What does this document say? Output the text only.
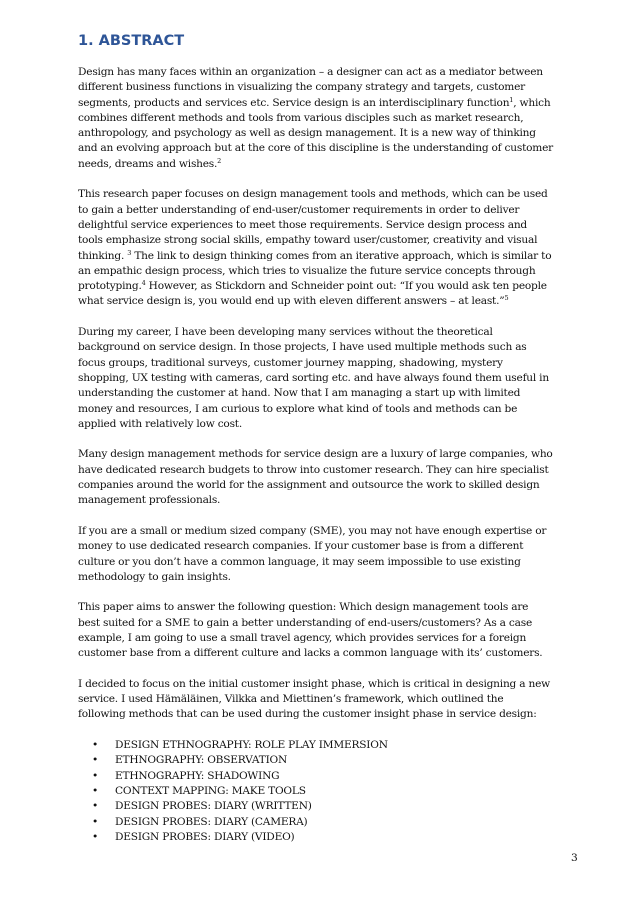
1. ABSTRACT

Design has many faces within an organization – a designer can act as a mediator between
different business functions in visualizing the company strategy and targets, customer
segments, products and services etc. Service design is an interdisciplinary function$^1$, which
combines different methods and tools from various disciples such as market research,
anthropology, and psychology as well as design management. It is a new way of thinking
and an evolving approach but at the core of this discipline is the understanding of customer
needs, dreams and wishes.$^2$

This research paper focuses on design management tools and methods, which can be used
to gain a better understanding of end-user/customer requirements in order to deliver
delightful service experiences to meet those requirements. Service design process and
tools emphasize strong social skills, empathy toward user/customer, creativity and visual
thinking. $^3$ The link to design thinking comes from an iterative approach, which is similar to
an empathic design process, which tries to visualize the future service concepts through
prototyping.$^4$ However, as Stickdorn and Schneider point out: “If you would ask ten people
what service design is, you would end up with eleven different answers – at least.”$^5$

During my career, I have been developing many services without the theoretical
background on service design. In those projects, I have used multiple methods such as
focus groups, traditional surveys, customer journey mapping, shadowing, mystery
shopping, UX testing with cameras, card sorting etc. and have always found them useful in
understanding the customer at hand. Now that I am managing a start up with limited
money and resources, I am curious to explore what kind of tools and methods can be
applied with relatively low cost.

Many design management methods for service design are a luxury of large companies, who
have dedicated research budgets to throw into customer research. They can hire specialist
companies around the world for the assignment and outsource the work to skilled design
management professionals.

If you are a small or medium sized company (SME), you may not have enough expertise or
money to use dedicated research companies. If your customer base is from a different
culture or you don’t have a common language, it may seem impossible to use existing
methodology to gain insights.

This paper aims to answer the following question: Which design management tools are
best suited for a SME to gain a better understanding of end-users/customers? As a case
example, I am going to use a small travel agency, which provides services for a foreign
customer base from a different culture and lacks a common language with its’ customers.

I decided to focus on the initial customer insight phase, which is critical in designing a new
service. I used Hämäläinen, Vilkka and Miettinen’s framework, which outlined the
following methods that can be used during the customer insight phase in service design:

• DESIGN ETHNOGRAPHY: ROLE PLAY IMMERSION
• ETHNOGRAPHY: OBSERVATION
• ETHNOGRAPHY: SHADOWING
• CONTEXT MAPPING: MAKE TOOLS
• DESIGN PROBES: DIARY (WRITTEN)
• DESIGN PROBES: DIARY (CAMERA)
• DESIGN PROBES: DIARY (VIDEO)
3
